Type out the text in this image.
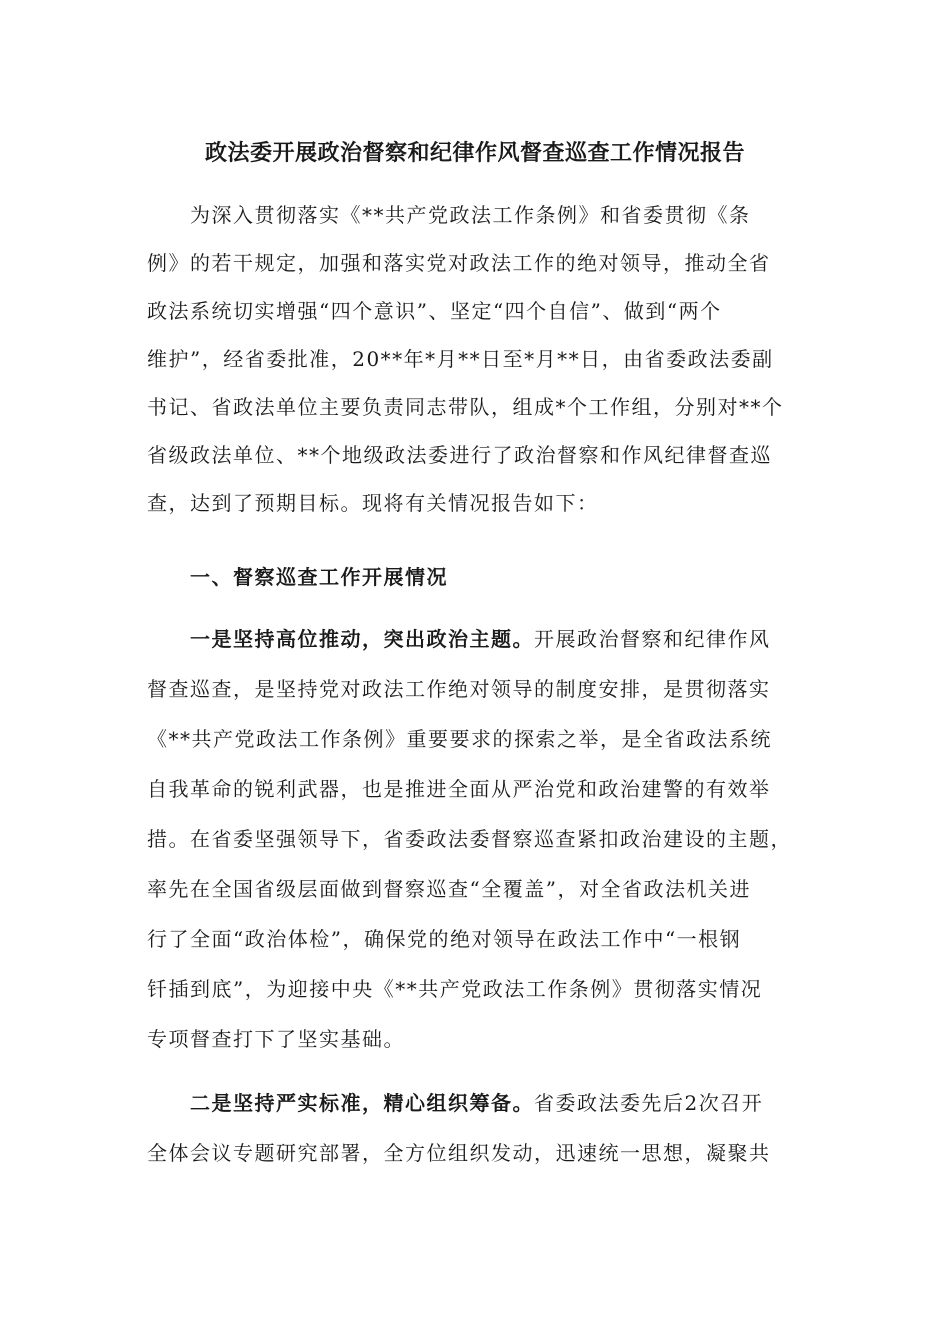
政法委开展政治督察和纪律作风督查巡查工作情况报告

为深入贯彻落实《**共产党政法工作条例》和省委贯彻《条

例》的若干规定，加强和落实党对政法工作的绝对领导，推动全省

政法系统切实增强“四个意识”、坚定“四个自信”、做到“两个

维护”，经省委批准，20**年*月**日至*月**日，由省委政法委副

书记、省政法单位主要负责同志带队，组成*个工作组，分别对**个

省级政法单位、**个地级政法委进行了政治督察和作风纪律督查巡

查，达到了预期目标。现将有关情况报告如下：

一、督察巡查工作开展情况

一是坚持高位推动，突出政治主题。开展政治督察和纪律作风

督查巡查，是坚持党对政法工作绝对领导的制度安排，是贯彻落实

《**共产党政法工作条例》重要要求的探索之举，是全省政法系统

自我革命的锐利武器，也是推进全面从严治党和政治建警的有效举

措。在省委坚强领导下，省委政法委督察巡查紧扣政治建设的主题，

率先在全国省级层面做到督察巡查“全覆盖”，对全省政法机关进

行了全面“政治体检”，确保党的绝对领导在政法工作中“一根钢

钎插到底”，为迎接中央《**共产党政法工作条例》贯彻落实情况

专项督查打下了坚实基础。

二是坚持严实标准，精心组织筹备。省委政法委先后2次召开

全体会议专题研究部署，全方位组织发动，迅速统一思想，凝聚共
